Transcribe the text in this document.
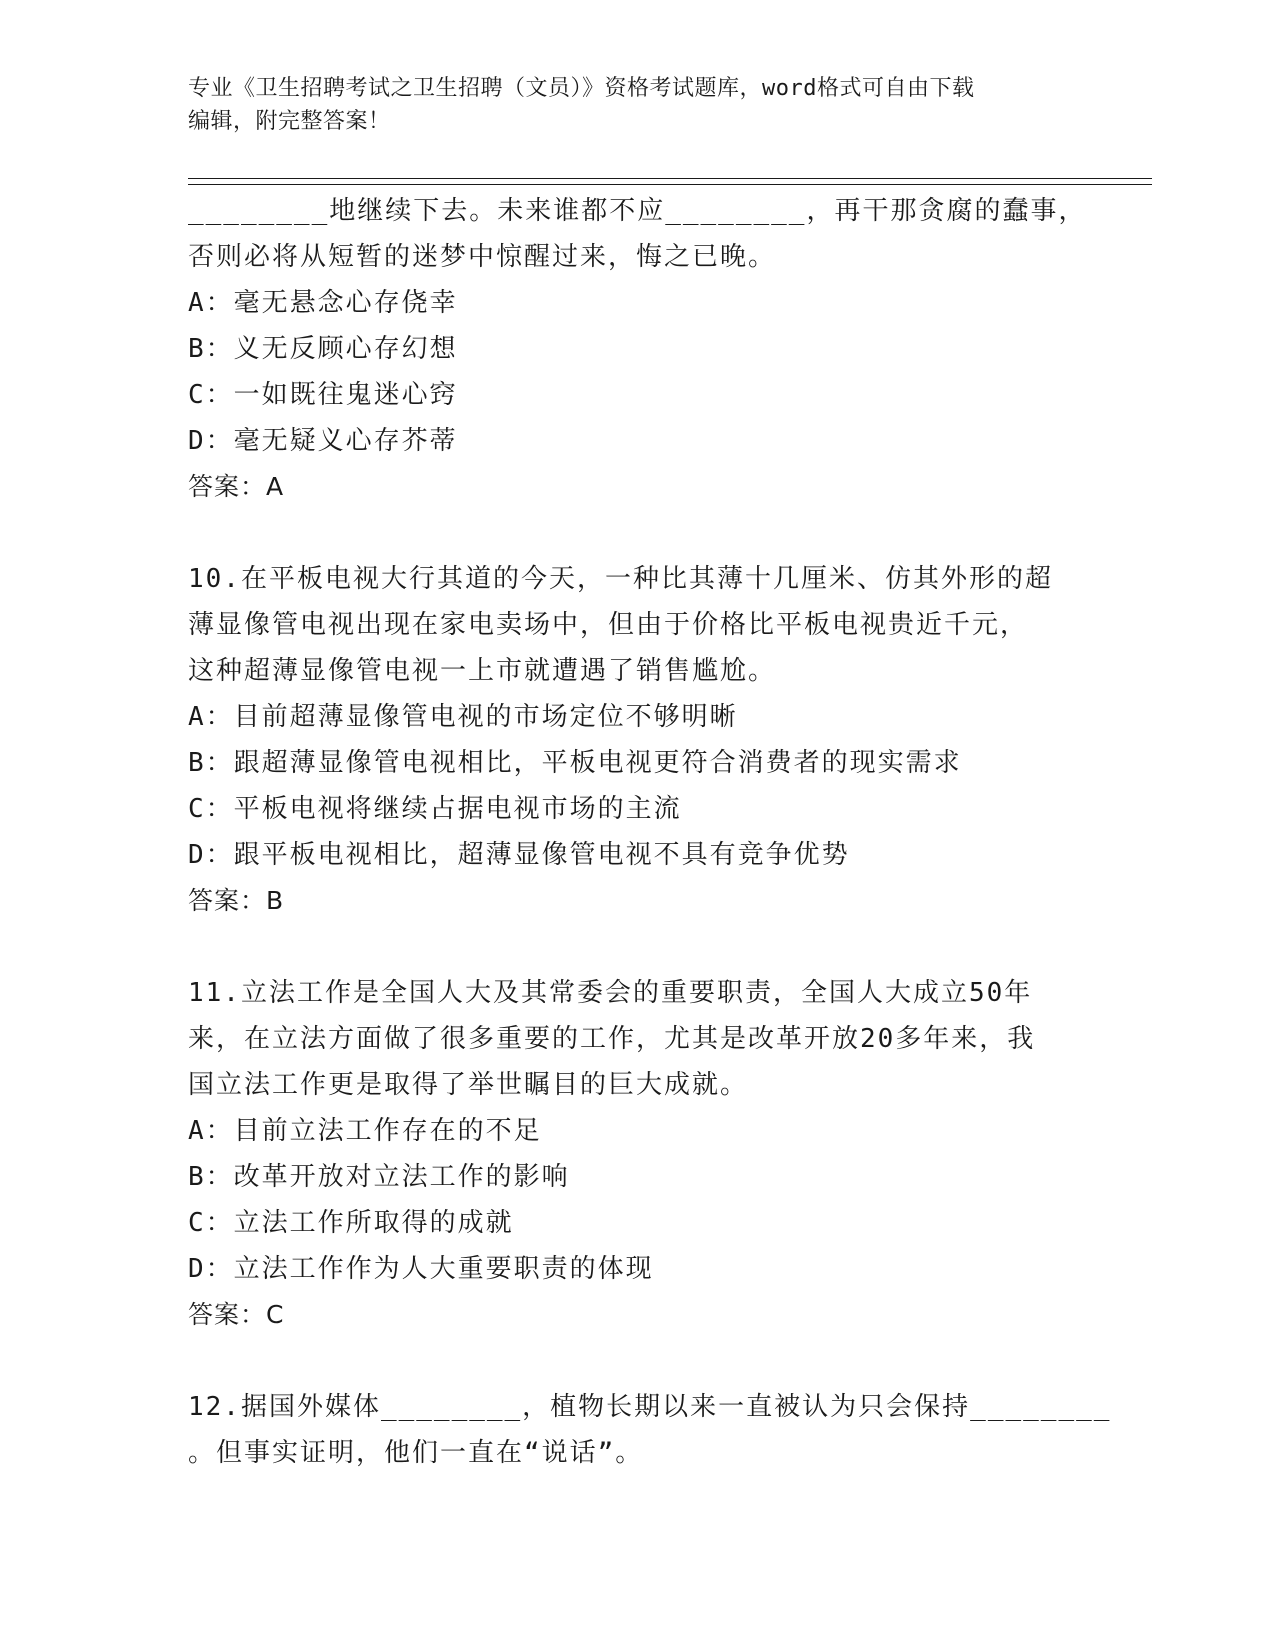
专业《卫生招聘考试之卫生招聘（文员）》资格考试题库，word格式可自由下载
编辑，附完整答案！
________地继续下去。未来谁都不应________，再干那贪腐的蠢事，
否则必将从短暂的迷梦中惊醒过来，悔之已晚。
A：毫无悬念心存侥幸
B：义无反顾心存幻想
C：一如既往鬼迷心窍
D：毫无疑义心存芥蒂
答案：A
10.在平板电视大行其道的今天，一种比其薄十几厘米、仿其外形的超
薄显像管电视出现在家电卖场中，但由于价格比平板电视贵近千元，
这种超薄显像管电视一上市就遭遇了销售尴尬。
A：目前超薄显像管电视的市场定位不够明晰
B：跟超薄显像管电视相比，平板电视更符合消费者的现实需求
C：平板电视将继续占据电视市场的主流
D：跟平板电视相比，超薄显像管电视不具有竞争优势
答案：B
11.立法工作是全国人大及其常委会的重要职责，全国人大成立50年
来，在立法方面做了很多重要的工作，尤其是改革开放20多年来，我
国立法工作更是取得了举世瞩目的巨大成就。
A：目前立法工作存在的不足
B：改革开放对立法工作的影响
C：立法工作所取得的成就
D：立法工作作为人大重要职责的体现
答案：C
12.据国外媒体________，植物长期以来一直被认为只会保持________
。但事实证明，他们一直在“说话”。
